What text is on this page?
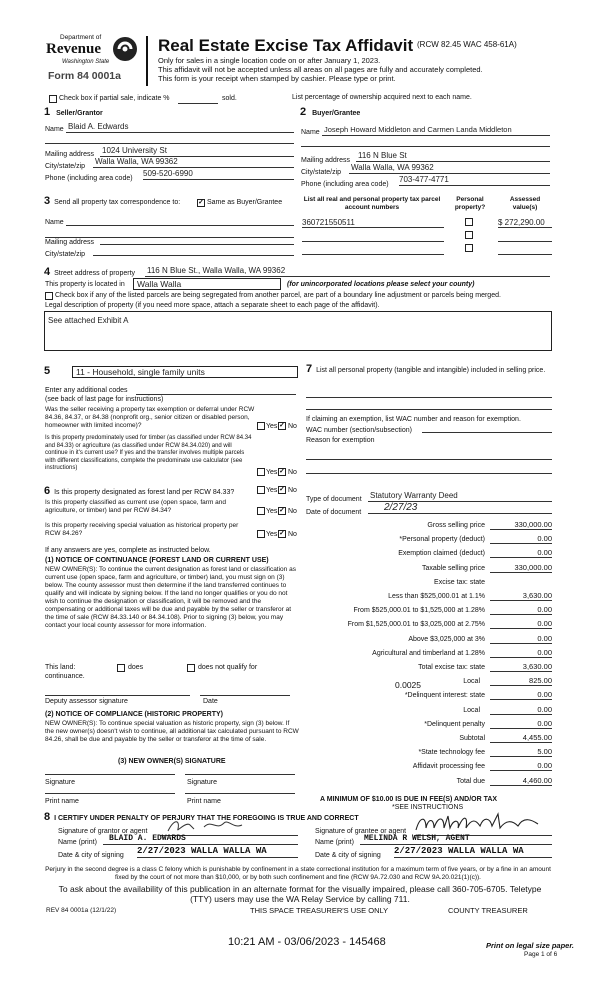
Department of
Revenue
Washington State
Form 84 0001a
Real Estate Excise Tax Affidavit (RCW 82.45 WAC 458-61A)
Only for sales in a single location code on or after January 1, 2023.
This affidavit will not be accepted unless all areas on all pages are fully and accurately completed.
This form is your receipt when stamped by cashier. Please type or print.
Check box if partial sale, indicate %	sold.	List percentage of ownership acquired next to each name.
1 Seller/Grantor
Name Blaid A. Edwards
Mailing address 1024 University St
City/state/zip
Walla Walla, WA 99362
Phone (including area code)
509-520-6990
2 Buyer/Grantee
Name Joseph Howard Middleton and Carmen Landa Middleton
Mailing address
116 N Blue St
City/state/zip
Walla Walla, WA 99362
Phone (including area code)
703-477-4771
3 Send all property tax correspondence to: ✓	Same as Buyer/Grantee
Name
Mailing address
City/state/zip
List all real and personal property tax parcel account numbers
Personal property?
Assessed value(s)
360721550511	$ 272,290.00
4 Street address of property 116 N Blue St., Walla Walla, WA 99362
This property is located in	Walla Walla	(for unincorporated locations please select your county)
Check box if any of the listed parcels are being segregated from another parcel, are part of a boundary line adjustment or parcels being merged.
Legal description of property (if you need more space, attach a separate sheet to each page of the affidavit).
See attached Exhibit A
5	11 - Household, single family units
Enter any additional codes
(see back of last page for instructions)
Was the seller receiving a property tax exemption or deferral under RCW 84.36, 84.37, or 84.38 (nonprofit org., senior citizen or disabled person, homeowner with limited income)?	Yes ✓ No
Is this property predominately used for timber (as classified under RCW 84.34 and 84.33) or agriculture (as classified under RCW 84.34.020) and will continue in it's current use? If yes and the transfer involves multiple parcels with different classifications, complete the predominate use calculator (see instructions)
Yes ✓ No
6 Is this property designated as forest land per RCW 84.33?	Yes ✓ No
Is this property classified as current use (open space, farm and agriculture, or timber) land per RCW 84.34?	Yes ✓ No
Is this property receiving special valuation as historical property per RCW 84.26?	Yes ✓ No
If any answers are yes, complete as instructed below.
(1) NOTICE OF CONTINUANCE (FOREST LAND OR CURRENT USE)
NEW OWNER(S): To continue the current designation as forest land or classification as current use (open space, farm and agriculture, or timber) land, you must sign on (3) below. The county assessor must then determine if the land transferred continues to qualify and will indicate by signing below. If the land no longer qualifies or you do not wish to continue the designation or classification, it will be removed and the compensating or additional taxes will be due and payable by the seller or transferor at the time of sale (RCW 84.33.140 or 84.34.108). Prior to signing (3) below, you may contact your local county assessor for more information.
This land:	does	does not qualify for
continuance.
Deputy assessor signature	Date
(2) NOTICE OF COMPLIANCE (HISTORIC PROPERTY)
NEW OWNER(S): To continue special valuation as historic property, sign (3) below. If the new owner(s) doesn't wish to continue, all additional tax calculated pursuant to RCW 84.26, shall be due and payable by the seller or transferor at the time of sale.
(3) NEW OWNER(S) SIGNATURE
Signature	Signature
Print name	Print name
7 List all personal property (tangible and intangible) included in selling price.
If claiming an exemption, list WAC number and reason for exemption.
WAC number (section/subsection)
Reason for exemption
Type of document Statutory Warranty Deed
Date of document	2/27/23
Gross selling price	330,000.00
*Personal property (deduct)	0.00
Exemption claimed (deduct)	0.00
Taxable selling price	330,000.00
Excise tax: state
Less than $525,000.01 at 1.1%	3,630.00
From $525,000.01 to $1,525,000 at 1.28%	0.00
From $1,525,000.01 to $3,025,000 at 2.75%	0.00
Above $3,025,000 at 3%	0.00
Agricultural and timberland at 1.28%	0.00
Total excise tax: state	3,630.00
Local	825.00
*Delinquent interest: state	0.00
Local	0.00
*Delinquent penalty	0.00
Subtotal	4,455.00
*State technology fee	5.00
Affidavit processing fee	0.00
Total due	4,460.00
0.0025
A MINIMUM OF $10.00 IS DUE IN FEE(S) AND/OR TAX
*SEE INSTRUCTIONS
8 I CERTIFY UNDER PENALTY OF PERJURY THAT THE FOREGOING IS TRUE AND CORRECT
Signature of grantor or agent
Name (print)	BLAID A. EDWARDS
Date & city of signing 2/27/2023 WALLA WALLA WA
Signature of grantee or agent
Name (print)	MELINDA R WELSH, AGENT
Date & city of signing 2/27/2023 WALLA WALLA WA
Perjury in the second degree is a class C felony which is punishable by confinement in a state correctional institution for a maximum term of five years, or by a fine in an amount fixed by the court of not more than $10,000, or by both such confinement and fine (RCW 9A.72.030 and RCW 9A.20.021(1)(c)).
To ask about the availability of this publication in an alternate format for the visually impaired, please call 360-705-6705. Teletype (TTY) users may use the WA Relay Service by calling 711.
REV 84 0001a (12/1/22)	THIS SPACE TREASURER'S USE ONLY	COUNTY TREASURER
10:21 AM - 03/06/2023 - 145468	Print on legal size paper.
Page 1 of 6
